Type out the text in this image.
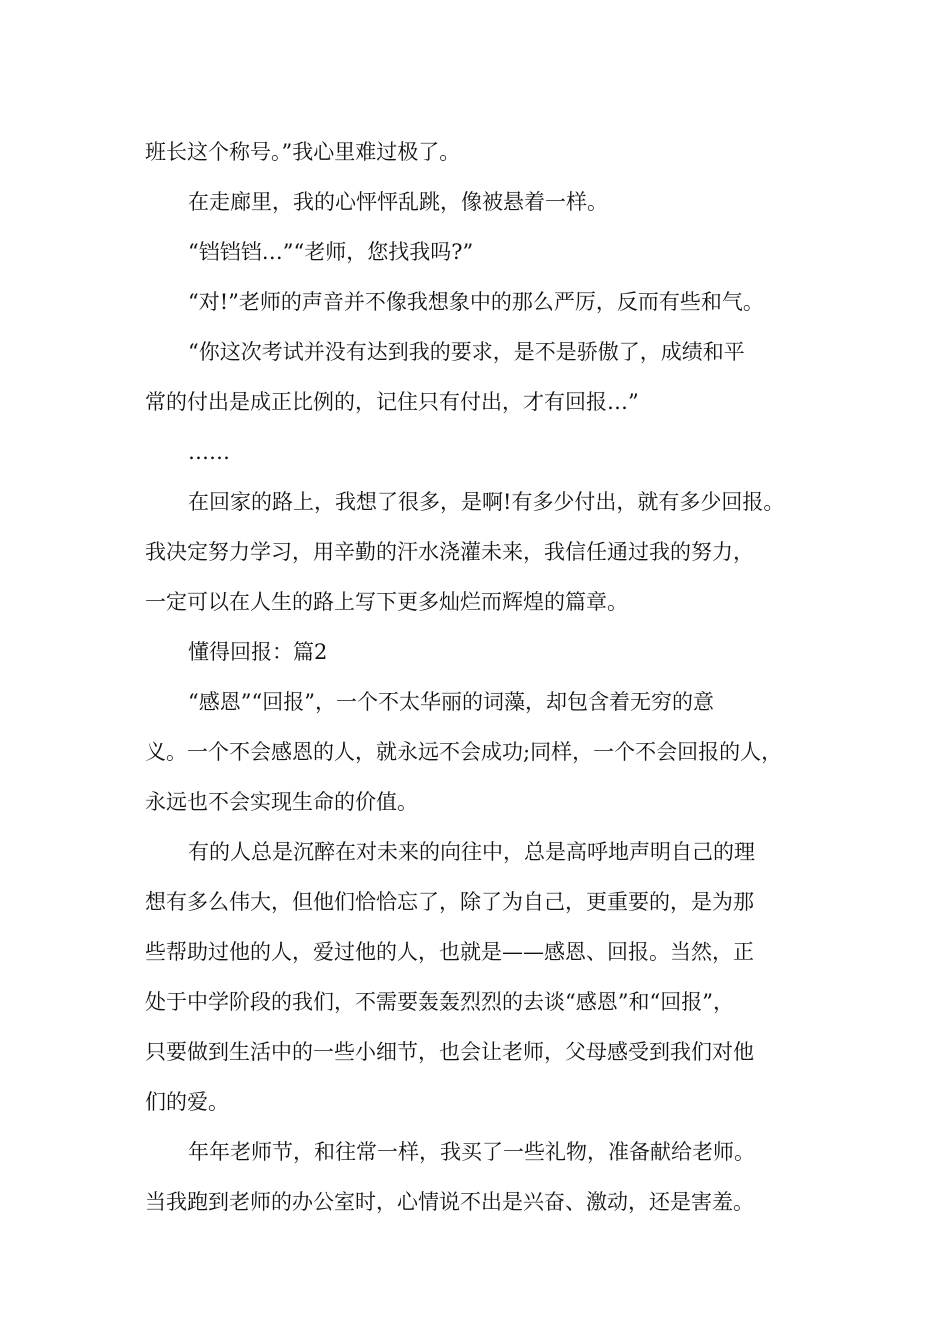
班长这个称号。”我心里难过极了。
在走廊里，我的心怦怦乱跳，像被悬着一样。
“铛铛铛…”“老师，您找我吗?”
“对!”老师的声音并不像我想象中的那么严厉，反而有些和气。
“你这次考试并没有达到我的要求，是不是骄傲了，成绩和平
常的付出是成正比例的，记住只有付出，才有回报…”
……
在回家的路上，我想了很多，是啊!有多少付出，就有多少回报。
我决定努力学习，用辛勤的汗水浇灌未来，我信任通过我的努力，
一定可以在人生的路上写下更多灿烂而辉煌的篇章。
懂得回报：篇2
“感恩”“回报”，一个不太华丽的词藻，却包含着无穷的意
义。一个不会感恩的人，就永远不会成功;同样，一个不会回报的人，
永远也不会实现生命的价值。
有的人总是沉醉在对未来的向往中，总是高呼地声明自己的理
想有多么伟大，但他们恰恰忘了，除了为自己，更重要的，是为那
些帮助过他的人，爱过他的人，也就是——感恩、回报。当然，正
处于中学阶段的我们，不需要轰轰烈烈的去谈“感恩”和“回报”，
只要做到生活中的一些小细节，也会让老师，父母感受到我们对他
们的爱。
年年老师节，和往常一样，我买了一些礼物，准备献给老师。
当我跑到老师的办公室时，心情说不出是兴奋、激动，还是害羞。
